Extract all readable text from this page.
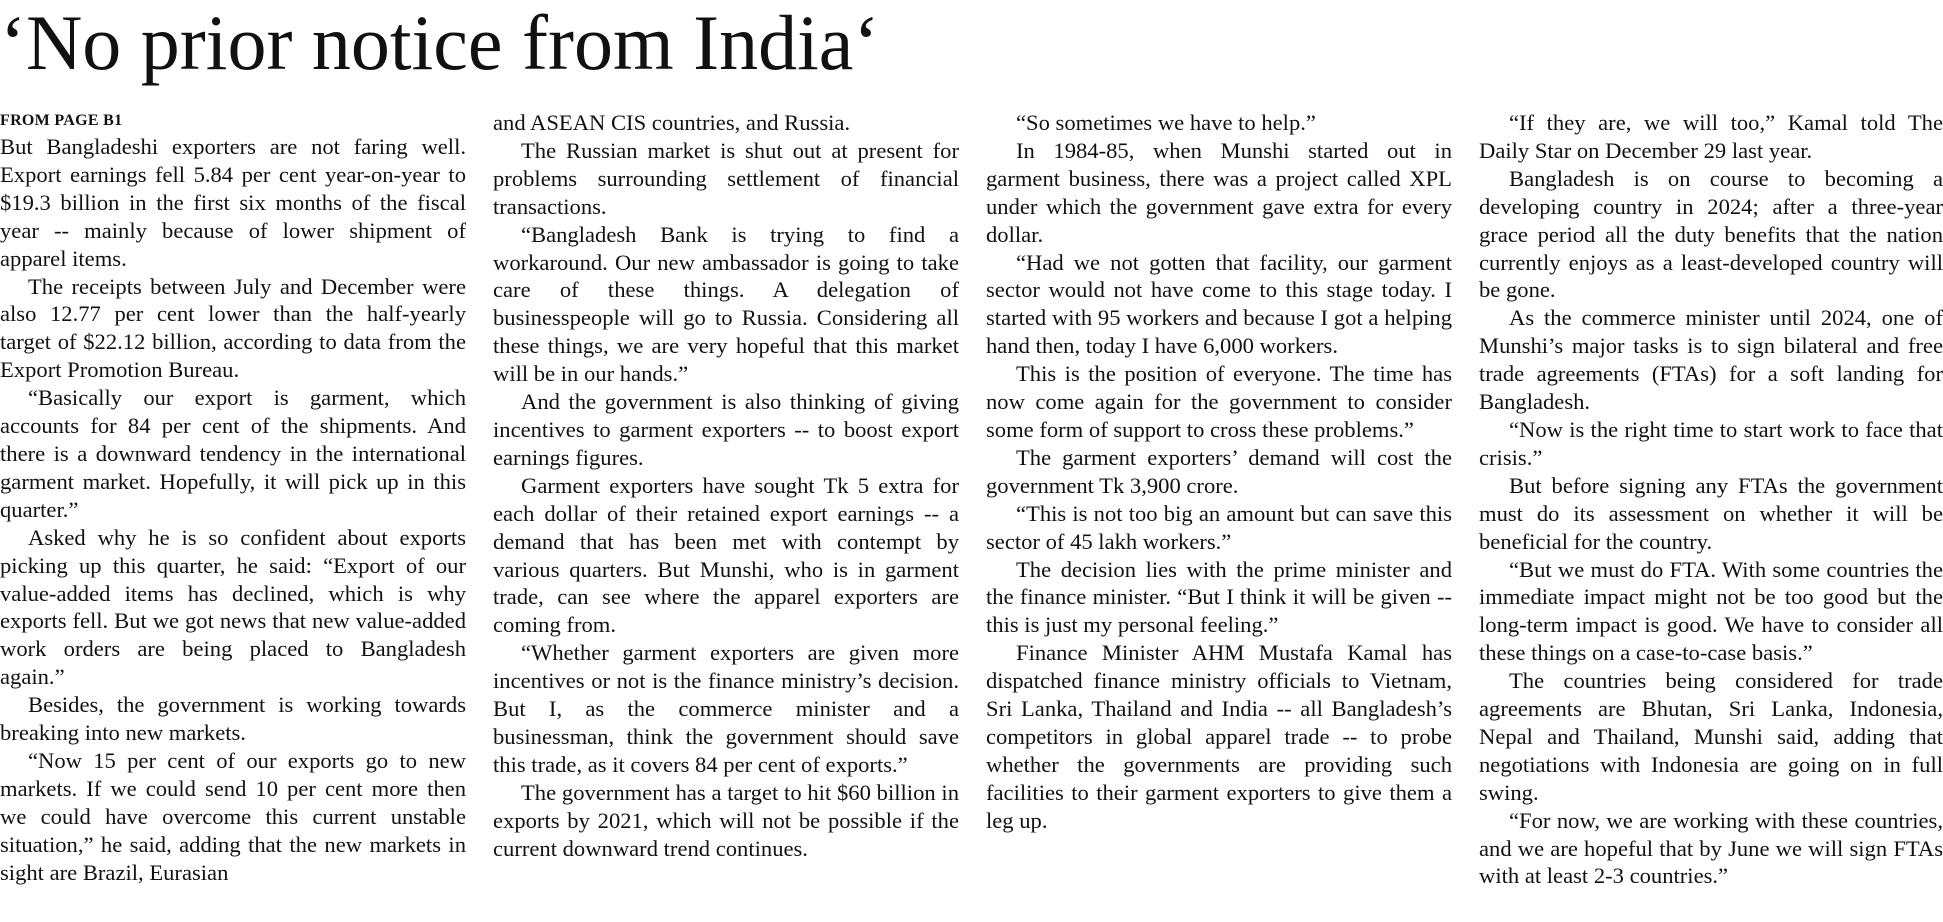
‘No prior notice from India‘
FROM PAGE B1

But Bangladeshi exporters are not faring well. Export earnings fell 5.84 per cent year-on-year to $19.3 billion in the first six months of the fiscal year -- mainly because of lower shipment of apparel items.

The receipts between July and December were also 12.77 per cent lower than the half-yearly target of $22.12 billion, according to data from the Export Promotion Bureau.

“Basically our export is garment, which accounts for 84 per cent of the shipments. And there is a downward tendency in the international garment market. Hopefully, it will pick up in this quarter.”

Asked why he is so confident about exports picking up this quarter, he said: “Export of our value-added items has declined, which is why exports fell. But we got news that new value-added work orders are being placed to Bangladesh again.”

Besides, the government is working towards breaking into new markets.

“Now 15 per cent of our exports go to new markets. If we could send 10 per cent more then we could have overcome this current unstable situation,” he said, adding that the new markets in sight are Brazil, Eurasian

and ASEAN CIS countries, and Russia.

The Russian market is shut out at present for problems surrounding settlement of financial transactions.

“Bangladesh Bank is trying to find a workaround. Our new ambassador is going to take care of these things. A delegation of businesspeople will go to Russia. Considering all these things, we are very hopeful that this market will be in our hands.”

And the government is also thinking of giving incentives to garment exporters -- to boost export earnings figures.

Garment exporters have sought Tk 5 extra for each dollar of their retained export earnings -- a demand that has been met with contempt by various quarters. But Munshi, who is in garment trade, can see where the apparel exporters are coming from.

“Whether garment exporters are given more incentives or not is the finance ministry’s decision. But I, as the commerce minister and a businessman, think the government should save this trade, as it covers 84 per cent of exports.”

The government has a target to hit $60 billion in exports by 2021, which will not be possible if the current downward trend continues.

“So sometimes we have to help.”

In 1984-85, when Munshi started out in garment business, there was a project called XPL under which the government gave extra for every dollar.

“Had we not gotten that facility, our garment sector would not have come to this stage today. I started with 95 workers and because I got a helping hand then, today I have 6,000 workers.

This is the position of everyone. The time has now come again for the government to consider some form of support to cross these problems.”

The garment exporters’ demand will cost the government Tk 3,900 crore.

“This is not too big an amount but can save this sector of 45 lakh workers.”

The decision lies with the prime minister and the finance minister. “But I think it will be given -- this is just my personal feeling.”

Finance Minister AHM Mustafa Kamal has dispatched finance ministry officials to Vietnam, Sri Lanka, Thailand and India -- all Bangladesh’s competitors in global apparel trade -- to probe whether the governments are providing such facilities to their garment exporters to give them a leg up.

“If they are, we will too,” Kamal told The Daily Star on December 29 last year.

Bangladesh is on course to becoming a developing country in 2024; after a three-year grace period all the duty benefits that the nation currently enjoys as a least-developed country will be gone.

As the commerce minister until 2024, one of Munshi’s major tasks is to sign bilateral and free trade agreements (FTAs) for a soft landing for Bangladesh.

“Now is the right time to start work to face that crisis.”

But before signing any FTAs the government must do its assessment on whether it will be beneficial for the country.

“But we must do FTA. With some countries the immediate impact might not be too good but the long-term impact is good. We have to consider all these things on a case-to-case basis.”

The countries being considered for trade agreements are Bhutan, Sri Lanka, Indonesia, Nepal and Thailand, Munshi said, adding that negotiations with Indonesia are going on in full swing.

“For now, we are working with these countries, and we are hopeful that by June we will sign FTAs with at least 2-3 countries.”
